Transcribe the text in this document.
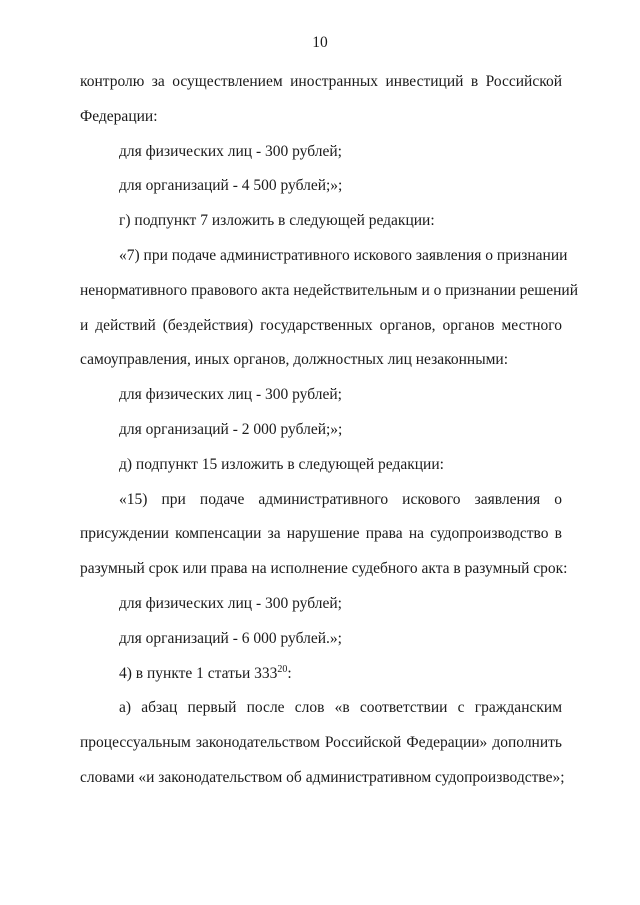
10
контролю за осуществлением иностранных инвестиций в Российской
Федерации:
для физических лиц - 300 рублей;
для организаций - 4 500 рублей;»;
г) подпункт 7 изложить в следующей редакции:
«7) при подаче административного искового заявления о признании
ненормативного правового акта недействительным и о признании решений
и действий (бездействия) государственных органов, органов местного
самоуправления, иных органов, должностных лиц незаконными:
для физических лиц - 300 рублей;
для организаций - 2 000 рублей;»;
д) подпункт 15 изложить в следующей редакции:
«15) при подаче административного искового заявления о
присуждении компенсации за нарушение права на судопроизводство в
разумный срок или права на исполнение судебного акта в разумный срок:
для физических лиц - 300 рублей;
для организаций - 6 000 рублей.»;
4) в пункте 1 статьи $333^{20}$:
а) абзац первый после слов «в соответствии с гражданским
процессуальным законодательством Российской Федерации» дополнить
словами «и законодательством об административном судопроизводстве»;
